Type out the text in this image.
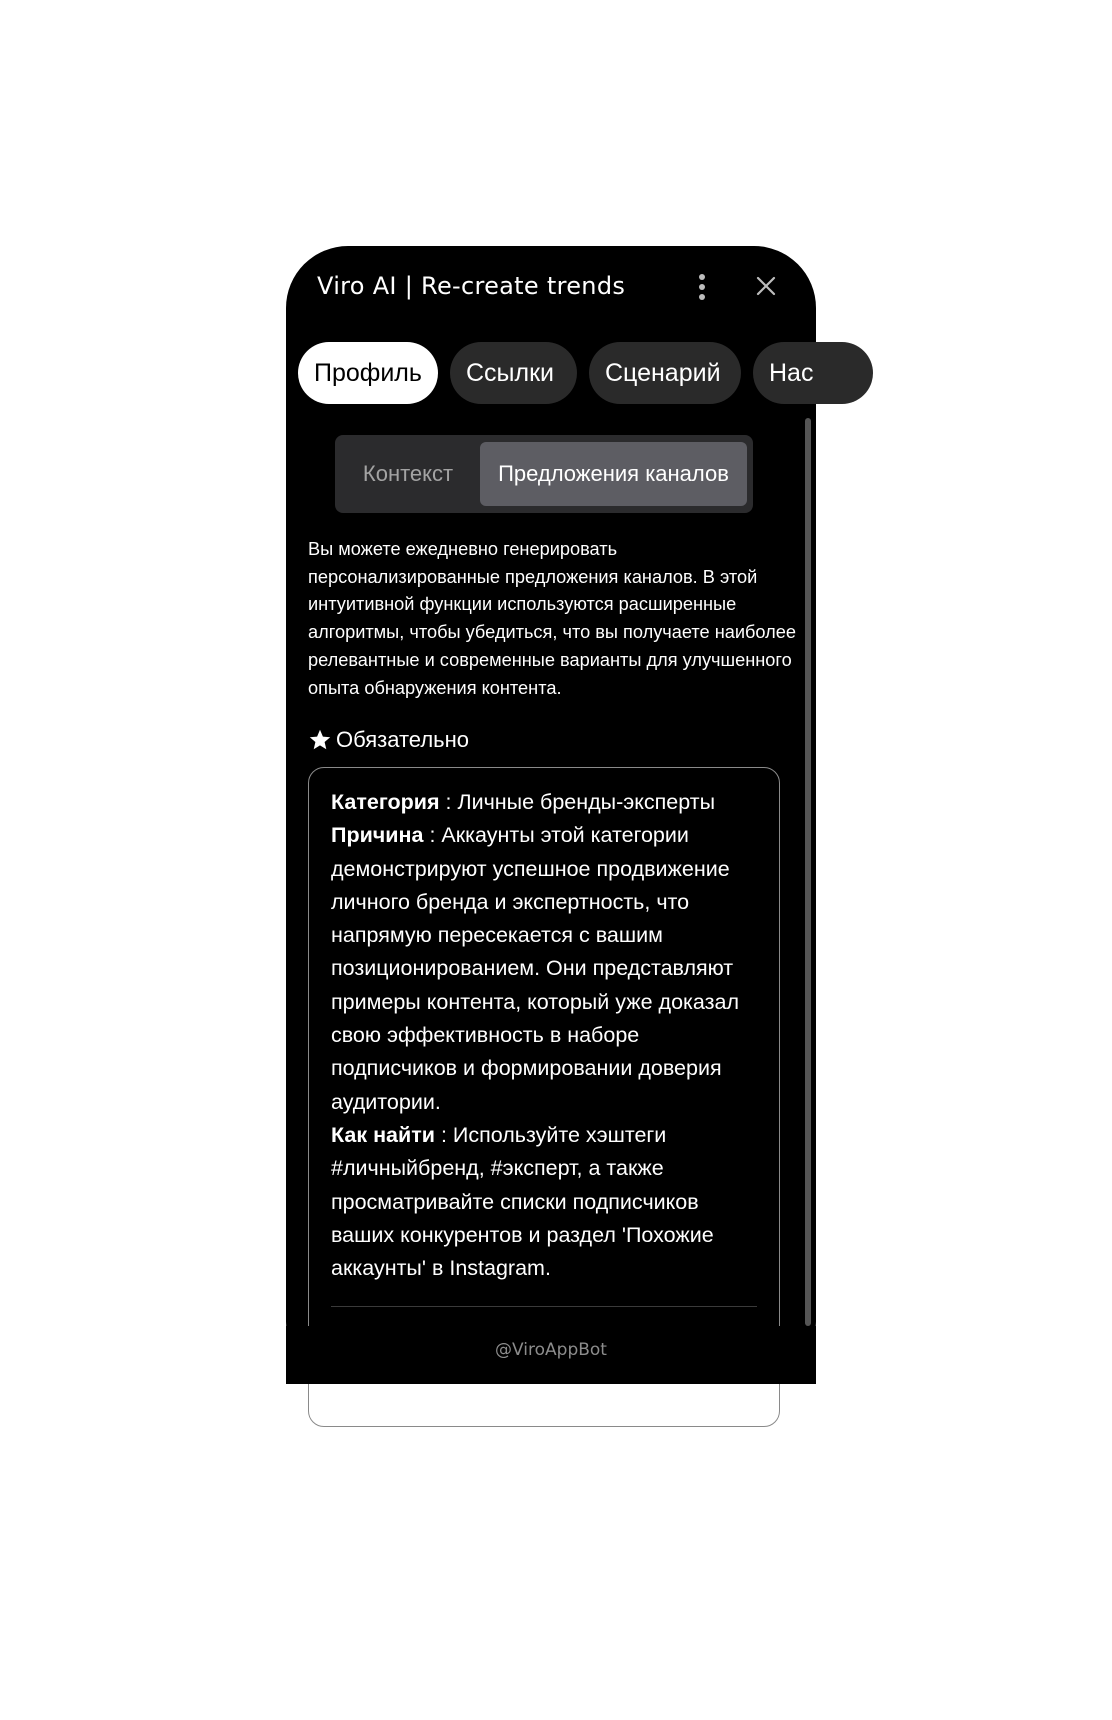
Viro AI | Re-create trends
Профиль	Ссылки	Сценарий	Нас
Контекст	Предложения каналов
Вы можете ежедневно генерировать персонализированные предложения каналов. В этой интуитивной функции используются расширенные алгоритмы, чтобы убедиться, что вы получаете наиболее релевантные и современные варианты для улучшенного опыта обнаружения контента.
Обязательно
Категория : Личные бренды-эксперты
Причина : Аккаунты этой категории демонстрируют успешное продвижение личного бренда и экспертность, что напрямую пересекается с вашим позиционированием. Они представляют примеры контента, который уже доказал свою эффективность в наборе подписчиков и формировании доверия аудитории.
Как найти : Используйте хэштеги #личныйбренд, #эксперт, а также просматривайте списки подписчиков ваших конкурентов и раздел 'Похожие аккаунты' в Instagram.
@ViroAppBot
